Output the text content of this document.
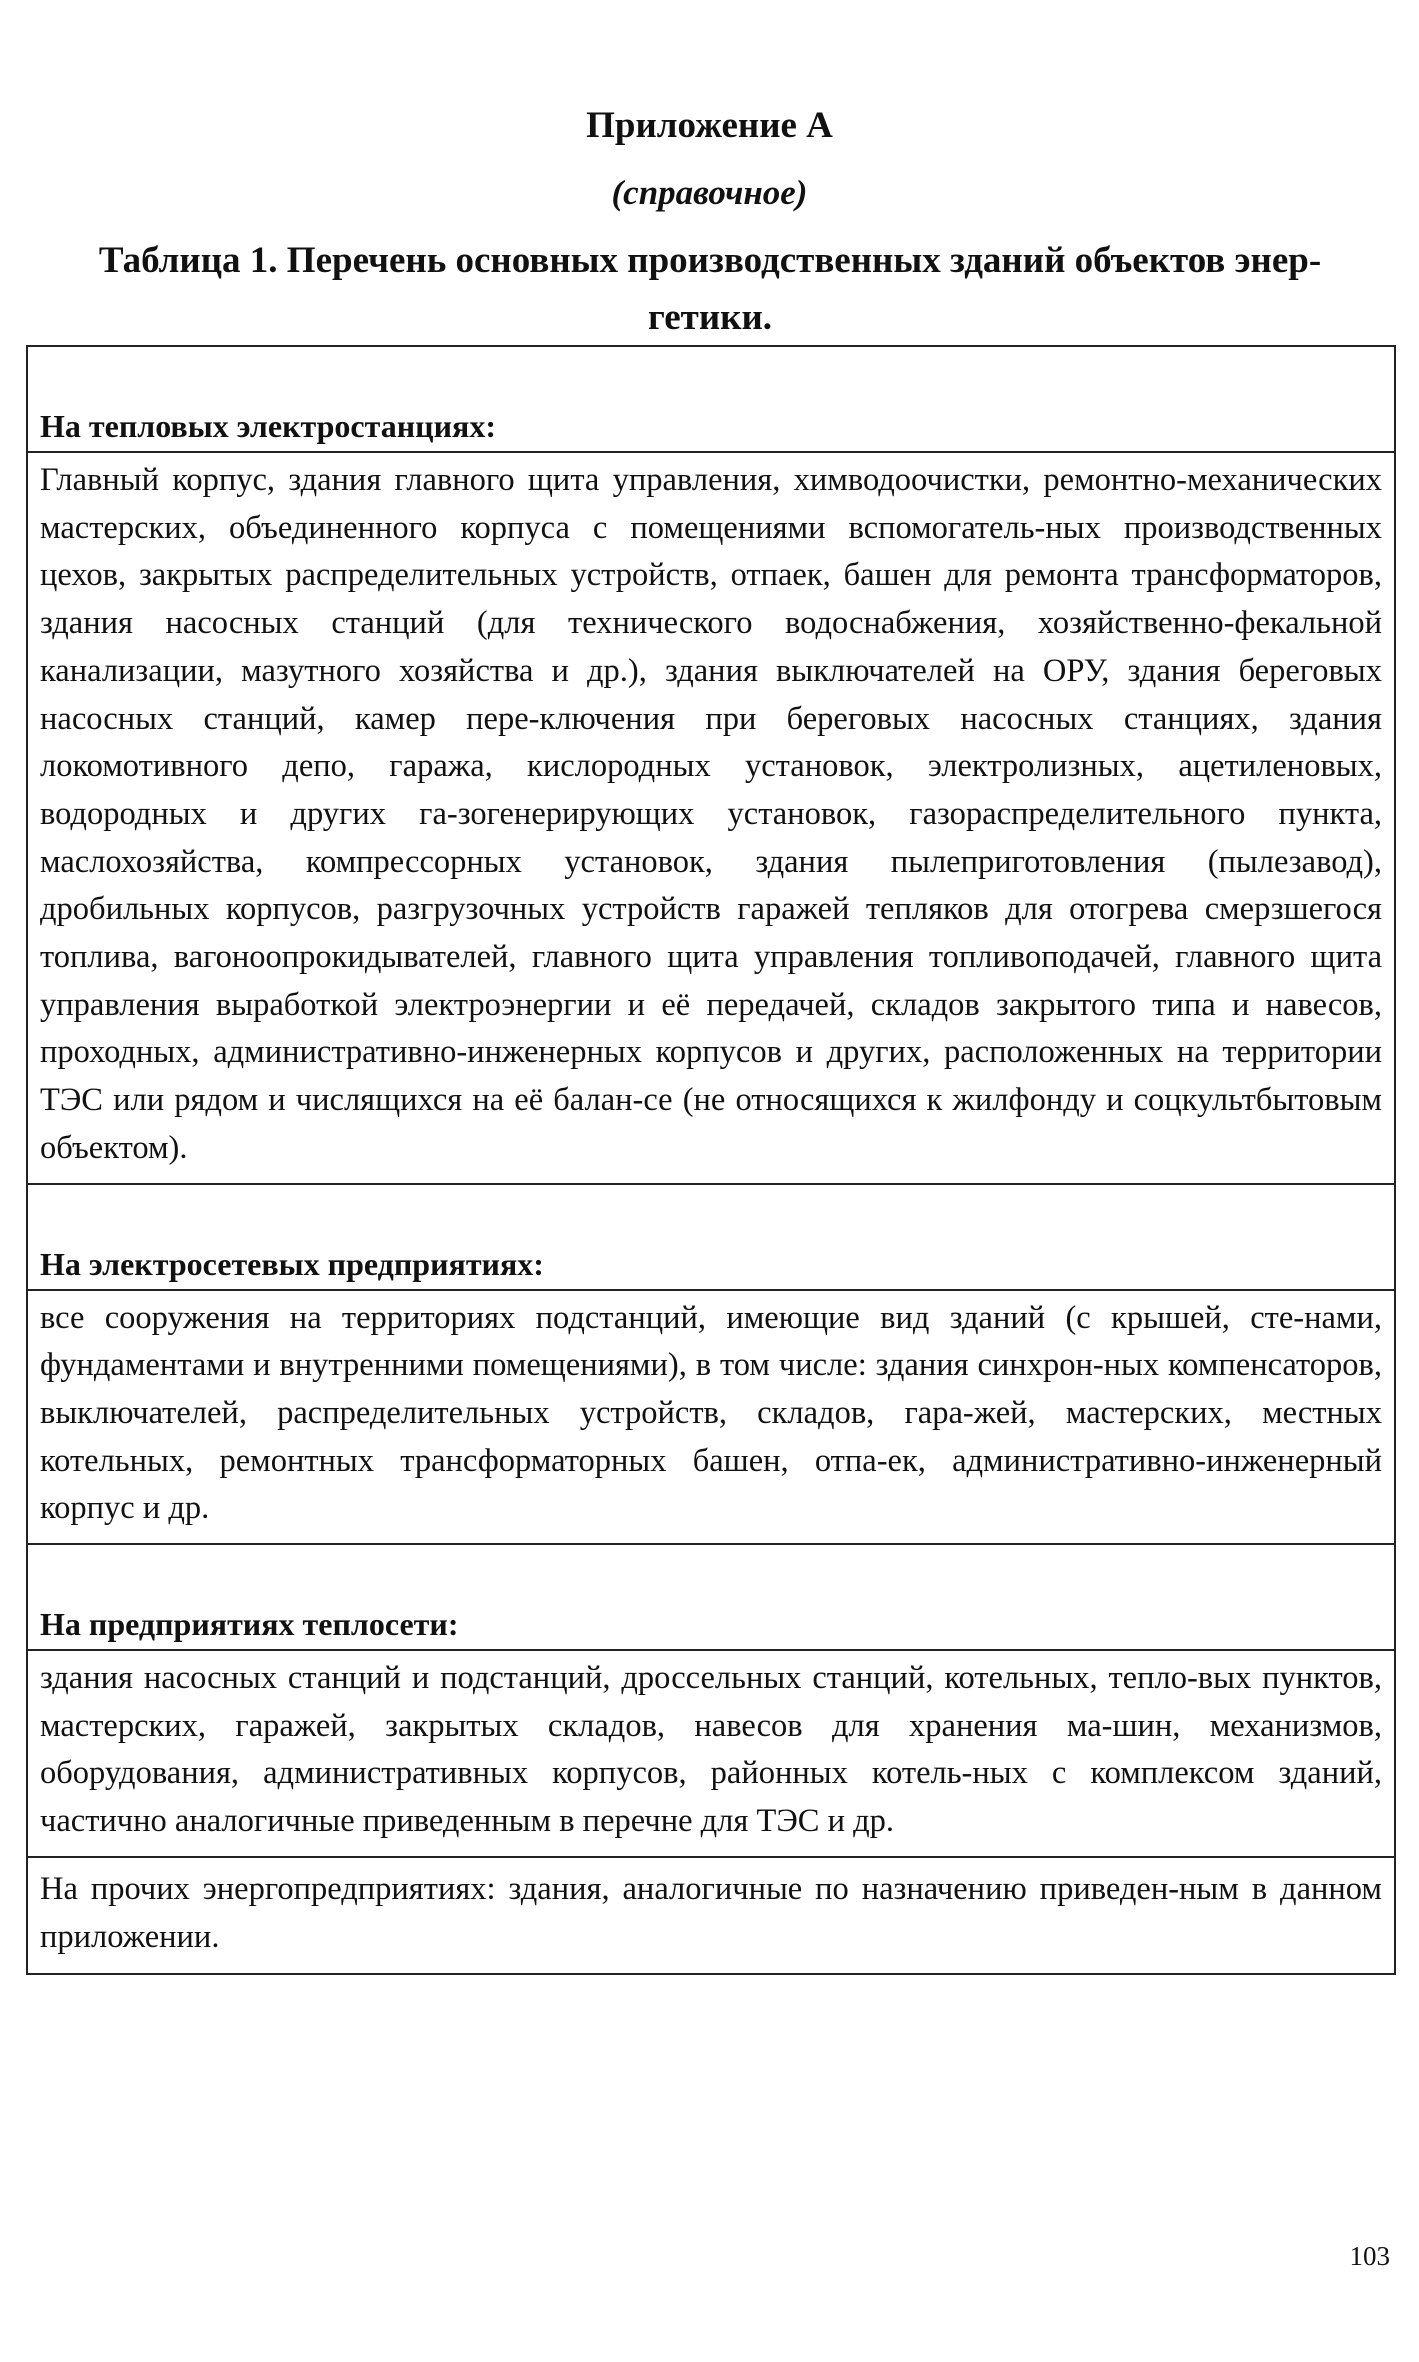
Приложение А
(справочное)
Таблица 1. Перечень основных производственных зданий объектов энер-гетики.
На тепловых электростанциях:
Главный корпус, здания главного щита управления, химводоочистки, ремонтно-механических мастерских, объединенного корпуса с помещениями вспомогатель-ных производственных цехов, закрытых распределительных устройств, отпаек, башен для ремонта трансформаторов, здания насосных станций (для технического водоснабжения, хозяйственно-фекальной канализации, мазутного хозяйства и др.), здания выключателей на ОРУ, здания береговых насосных станций, камер пере-ключения при береговых насосных станциях, здания локомотивного депо, гаража, кислородных установок, электролизных, ацетиленовых, водородных и других га-зогенерирующих установок, газораспределительного пункта, маслохозяйства, компрессорных установок, здания пылеприготовления (пылезавод), дробильных корпусов, разгрузочных устройств гаражей тепляков для отогрева смерзшегося топлива, вагоноопрокидывателей, главного щита управления топливоподачей, главного щита управления выработкой электроэнергии и её передачей, складов закрытого типа и навесов, проходных, административно-инженерных корпусов и других, расположенных на территории ТЭС или рядом и числящихся на её балан-се (не относящихся к жилфонду и соцкультбытовым объектом).
На электросетевых предприятиях:
все сооружения на территориях подстанций, имеющие вид зданий (с крышей, сте-нами, фундаментами и внутренними помещениями), в том числе: здания синхрон-ных компенсаторов, выключателей, распределительных устройств, складов, гара-жей, мастерских, местных котельных, ремонтных трансформаторных башен, отпа-ек, административно-инженерный корпус и др.
На предприятиях теплосети:
здания насосных станций и подстанций, дроссельных станций, котельных, тепло-вых пунктов, мастерских, гаражей, закрытых складов, навесов для хранения ма-шин, механизмов, оборудования, административных корпусов, районных котель-ных с комплексом зданий, частично аналогичные приведенным в перечне для ТЭС и др.
На прочих энергопредприятиях: здания, аналогичные по назначению приведен-ным в данном приложении.
103
